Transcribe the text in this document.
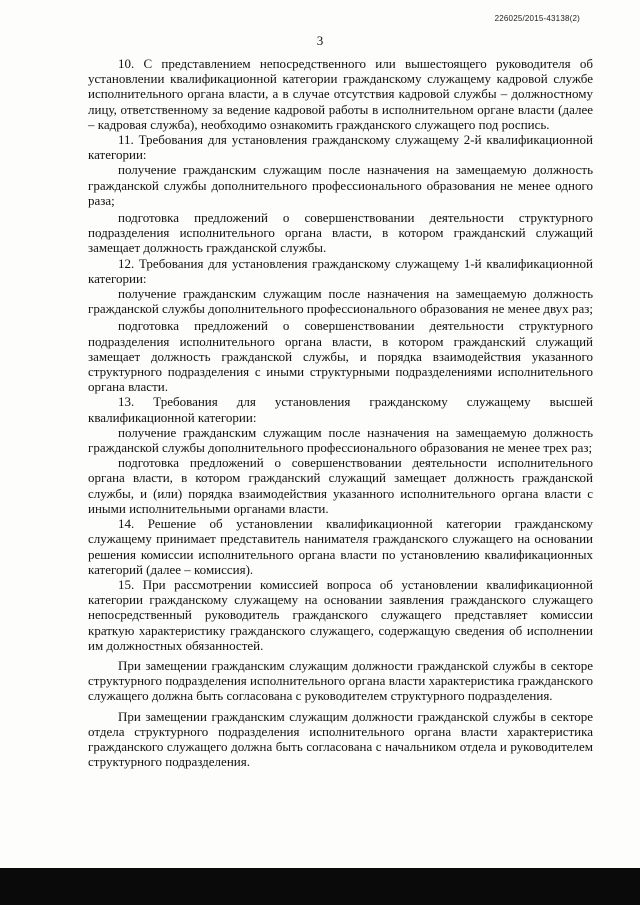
226025/2015-43138(2)
3

10. С представлением непосредственного или вышестоящего руководителя об установлении квалификационной категории гражданскому служащему кадровой службе исполнительного органа власти, а в случае отсутствия кадровой службы – должностному лицу, ответственному за ведение кадровой работы в исполнительном органе власти (далее – кадровая служба), необходимо ознакомить гражданского служащего под роспись.

11. Требования для установления гражданскому служащему 2-й квалификационной категории:

получение гражданским служащим после назначения на замещаемую должность гражданской службы дополнительного профессионального образования не менее одного раза;

подготовка предложений о совершенствовании деятельности структурного подразделения исполнительного органа власти, в котором гражданский служащий замещает должность гражданской службы.

12. Требования для установления гражданскому служащему 1-й квалификационной категории:

получение гражданским служащим после назначения на замещаемую должность гражданской службы дополнительного профессионального образования не менее двух раз;

подготовка предложений о совершенствовании деятельности структурного подразделения исполнительного органа власти, в котором гражданский служащий замещает должность гражданской службы, и порядка взаимодействия указанного структурного подразделения с иными структурными подразделениями исполнительного органа власти.

13. Требования для установления гражданскому служащему высшей квалификационной категории:

получение гражданским служащим после назначения на замещаемую должность гражданской службы дополнительного профессионального образования не менее трех раз;

подготовка предложений о совершенствовании деятельности исполнительного органа власти, в котором гражданский служащий замещает должность гражданской службы, и (или) порядка взаимодействия указанного исполнительного органа власти с иными исполнительными органами власти.

14. Решение об установлении квалификационной категории гражданскому служащему принимает представитель нанимателя гражданского служащего на основании решения комиссии исполнительного органа власти по установлению квалификационных категорий (далее – комиссия).

15. При рассмотрении комиссией вопроса об установлении квалификационной категории гражданскому служащему на основании заявления гражданского служащего непосредственный руководитель гражданского служащего представляет комиссии краткую характеристику гражданского служащего, содержащую сведения об исполнении им должностных обязанностей.

При замещении гражданским служащим должности гражданской службы в секторе структурного подразделения исполнительного органа власти характеристика гражданского служащего должна быть согласована с руководителем структурного подразделения.

При замещении гражданским служащим должности гражданской службы в секторе отдела структурного подразделения исполнительного органа власти характеристика гражданского служащего должна быть согласована с начальником отдела и руководителем структурного подразделения.
